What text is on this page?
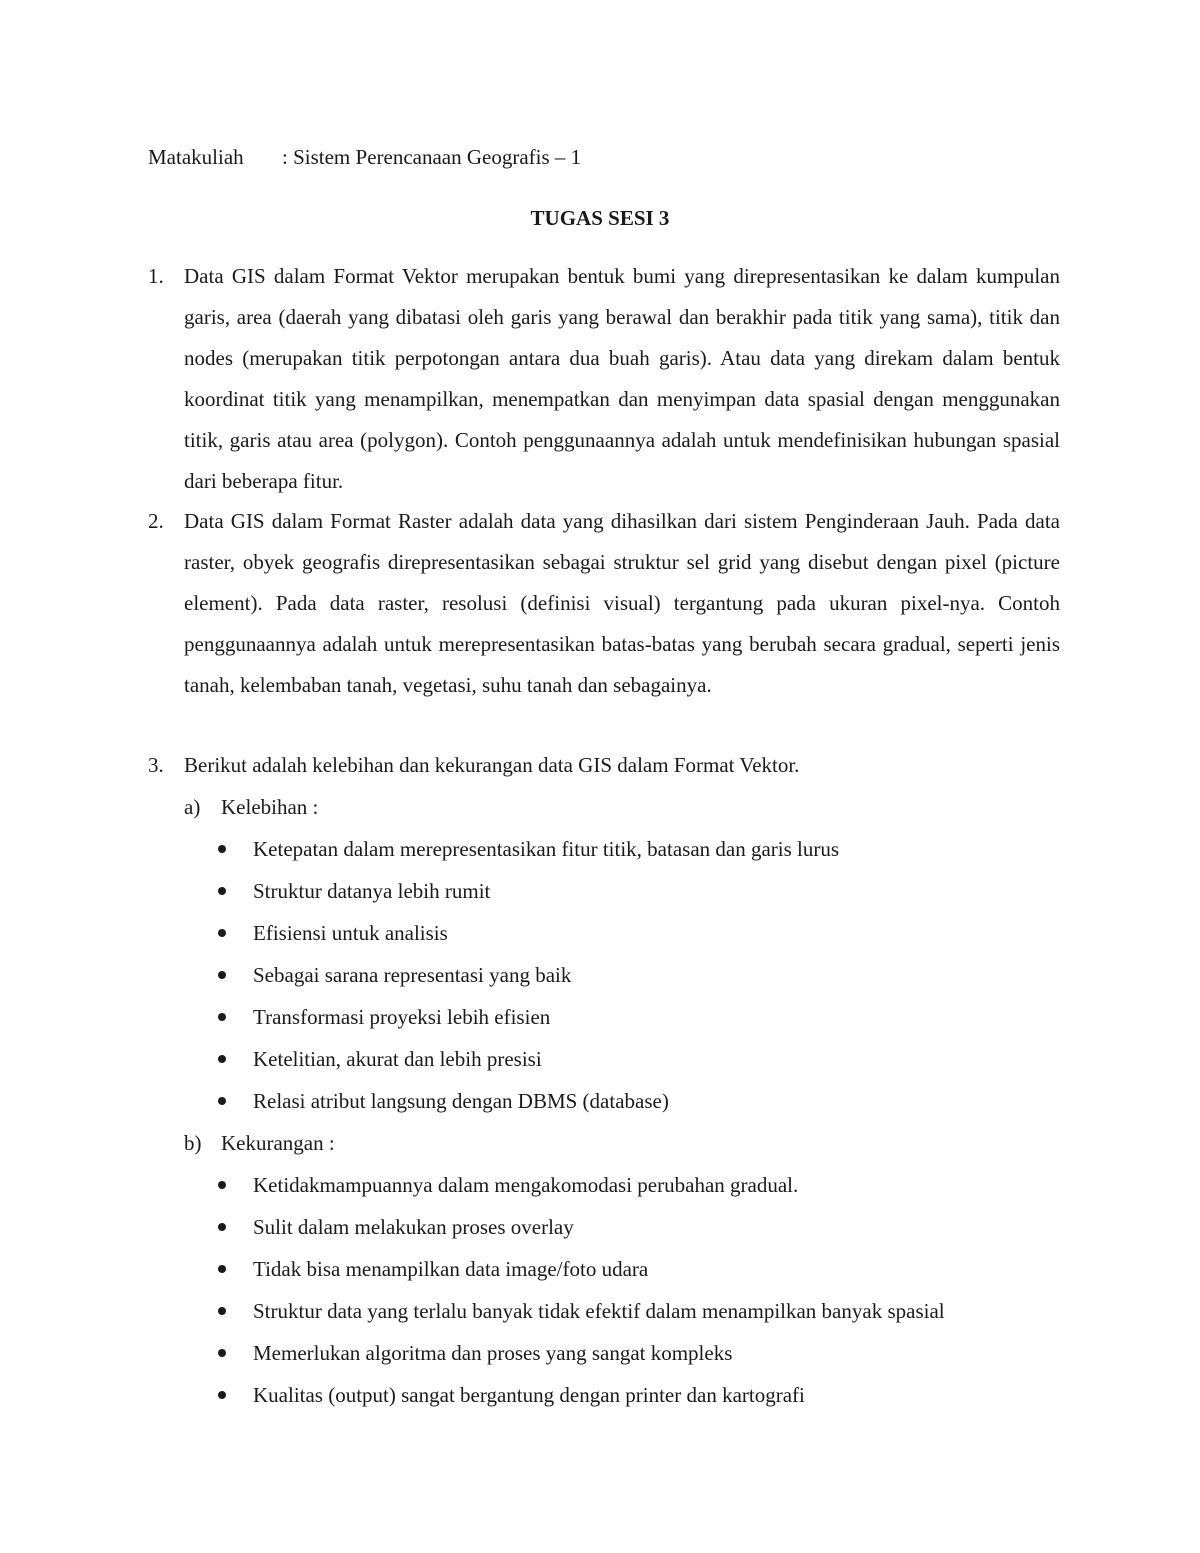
Matakuliah : Sistem Perencanaan Geografis – 1
TUGAS SESI 3
1. Data GIS dalam Format Vektor merupakan bentuk bumi yang direpresentasikan ke dalam kumpulan garis, area (daerah yang dibatasi oleh garis yang berawal dan berakhir pada titik yang sama), titik dan nodes (merupakan titik perpotongan antara dua buah garis). Atau data yang direkam dalam bentuk koordinat titik yang menampilkan, menempatkan dan menyimpan data spasial dengan menggunakan titik, garis atau area (polygon). Contoh penggunaannya adalah untuk mendefinisikan hubungan spasial dari beberapa fitur.
2. Data GIS dalam Format Raster adalah data yang dihasilkan dari sistem Penginderaan Jauh. Pada data raster, obyek geografis direpresentasikan sebagai struktur sel grid yang disebut dengan pixel (picture element). Pada data raster, resolusi (definisi visual) tergantung pada ukuran pixel-nya. Contoh penggunaannya adalah untuk merepresentasikan batas-batas yang berubah secara gradual, seperti jenis tanah, kelembaban tanah, vegetasi, suhu tanah dan sebagainya.
3. Berikut adalah kelebihan dan kekurangan data GIS dalam Format Vektor.
a) Kelebihan :
Ketepatan dalam merepresentasikan fitur titik, batasan dan garis lurus
Struktur datanya lebih rumit
Efisiensi untuk analisis
Sebagai sarana representasi yang baik
Transformasi proyeksi lebih efisien
Ketelitian, akurat dan lebih presisi
Relasi atribut langsung dengan DBMS (database)
b) Kekurangan :
Ketidakmampuannya dalam mengakomodasi perubahan gradual.
Sulit dalam melakukan proses overlay
Tidak bisa menampilkan data image/foto udara
Struktur data yang terlalu banyak tidak efektif dalam menampilkan banyak spasial
Memerlukan algoritma dan proses yang sangat kompleks
Kualitas (output) sangat bergantung dengan printer dan kartografi
